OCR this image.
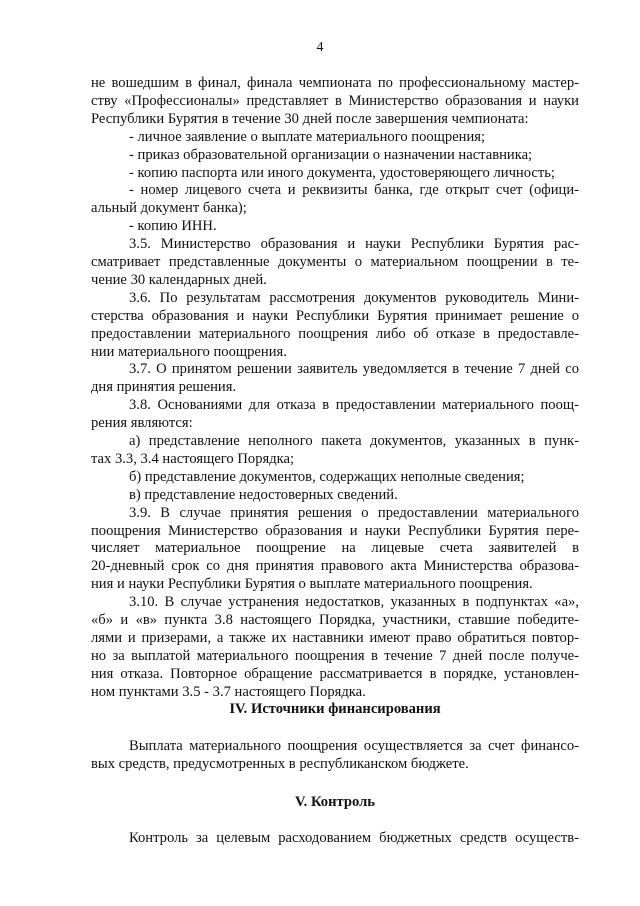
4
не вошедшим в финал, финала чемпионата по профессиональному мастер-
ству «Профессионалы» представляет в Министерство образования и науки
Республики Бурятия в течение 30 дней после завершения чемпионата:
- личное заявление о выплате материального поощрения;
- приказ образовательной организации о назначении наставника;
- копию паспорта или иного документа, удостоверяющего личность;
- номер лицевого счета и реквизиты банка, где открыт счет (офици-
альный документ банка);
- копию ИНН.
3.5. Министерство образования и науки Республики Бурятия рас-
сматривает представленные документы о материальном поощрении в те-
чение 30 календарных дней.
3.6. По результатам рассмотрения документов руководитель Мини-
стерства образования и науки Республики Бурятия принимает решение о
предоставлении материального поощрения либо об отказе в предоставле-
нии материального поощрения.
3.7. О принятом решении заявитель уведомляется в течение 7 дней со
дня принятия решения.
3.8. Основаниями для отказа в предоставлении материального поощ-
рения являются:
а) представление неполного пакета документов, указанных в пунк-
тах 3.3, 3.4 настоящего Порядка;
б) представление документов, содержащих неполные сведения;
в) представление недостоверных сведений.
3.9. В случае принятия решения о предоставлении материального
поощрения Министерство образования и науки Республики Бурятия пере-
числяет материальное поощрение на лицевые счета заявителей в
20-дневный срок со дня принятия правового акта Министерства образова-
ния и науки Республики Бурятия о выплате материального поощрения.
3.10. В случае устранения недостатков, указанных в подпунктах «а»,
«б» и «в» пункта 3.8 настоящего Порядка, участники, ставшие победите-
лями и призерами, а также их наставники имеют право обратиться повтор-
но за выплатой материального поощрения в течение 7 дней после получе-
ния отказа. Повторное обращение рассматривается в порядке, установлен-
ном пунктами 3.5 - 3.7 настоящего Порядка.
IV. Источники финансирования
Выплата материального поощрения осуществляется за счет финансо-
вых средств, предусмотренных в республиканском бюджете.
V. Контроль
Контроль за целевым расходованием бюджетных средств осуществ-
